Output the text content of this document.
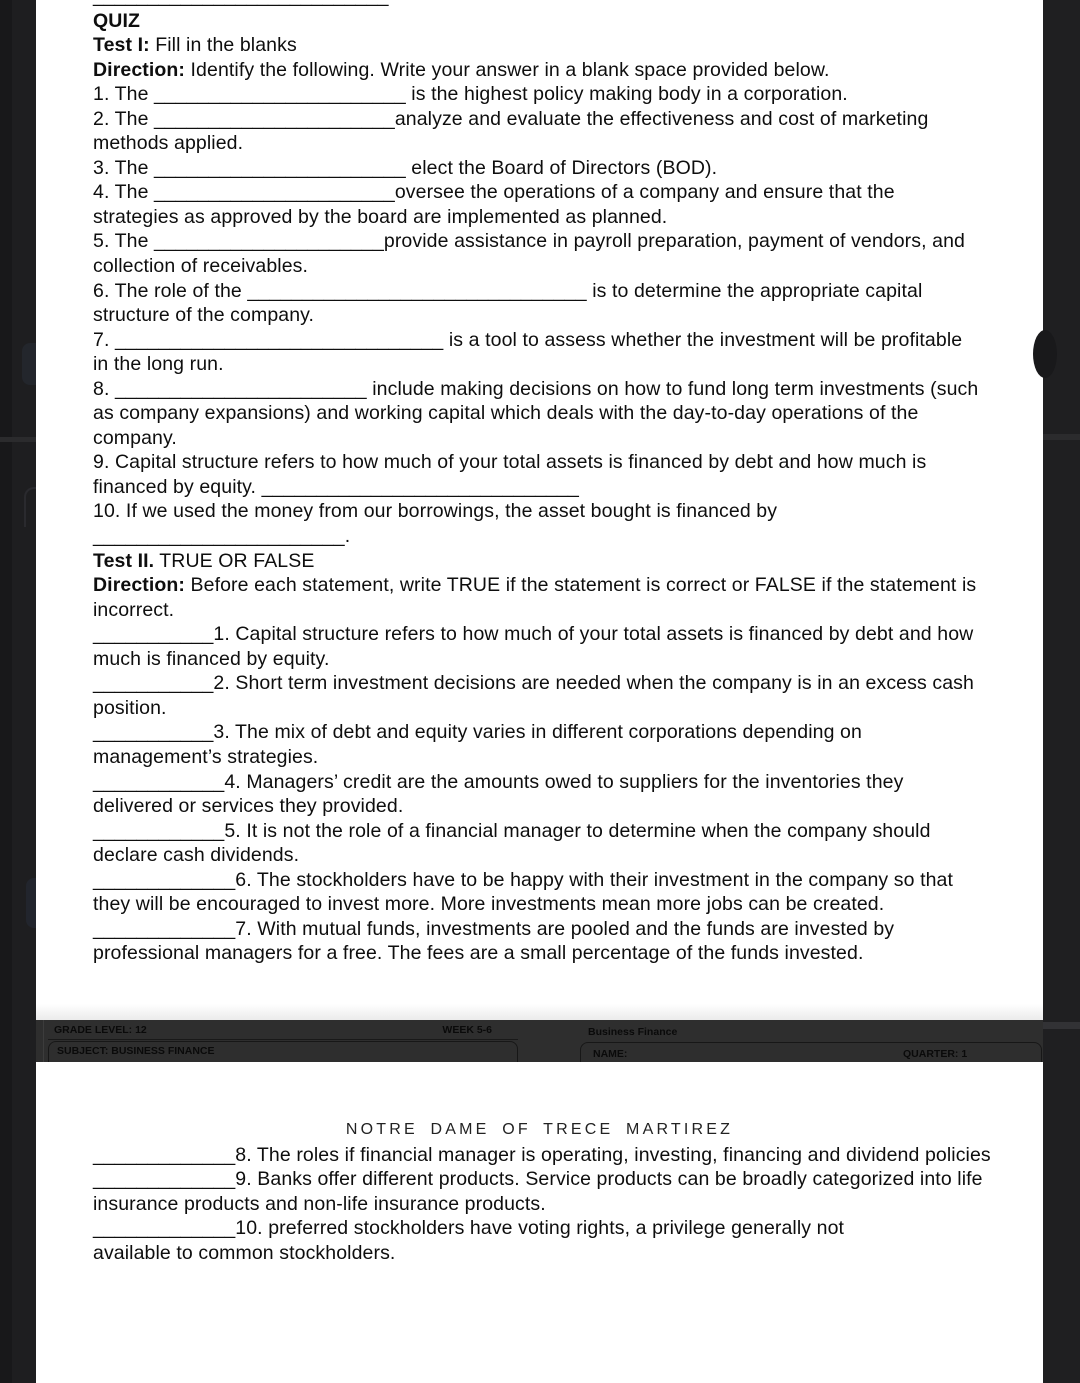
QUIZ
Test I: Fill in the blanks
Direction: Identify the following. Write your answer in a blank space provided below.
1. The _______________________ is the highest policy making body in a corporation.
2. The ______________________analyze and evaluate the effectiveness and cost of marketing
methods applied.
3. The _______________________ elect the Board of Directors (BOD).
4. The ______________________oversee the operations of a company and ensure that the
strategies as approved by the board are implemented as planned.
5. The _____________________provide assistance in payroll preparation, payment of vendors, and
collection of receivables.
6. The role of the _______________________________ is to determine the appropriate capital
structure of the company.
7. ______________________________ is a tool to assess whether the investment will be profitable
in the long run.
8. _______________________ include making decisions on how to fund long term investments (such
as company expansions) and working capital which deals with the day-to-day operations of the
company.
9. Capital structure refers to how much of your total assets is financed by debt and how much is
financed by equity. _____________________________
10. If we used the money from our borrowings, the asset bought is financed by
_______________________.
Test II. TRUE OR FALSE
Direction: Before each statement, write TRUE if the statement is correct or FALSE if the statement is
incorrect.
___________1. Capital structure refers to how much of your total assets is financed by debt and how
much is financed by equity.
___________2. Short term investment decisions are needed when the company is in an excess cash
position.
___________3. The mix of debt and equity varies in different corporations depending on
management’s strategies.
____________4. Managers’ credit are the amounts owed to suppliers for the inventories they
delivered or services they provided.
____________5. It is not the role of a financial manager to determine when the company should
declare cash dividends.
_____________6. The stockholders have to be happy with their investment in the company so that
they will be encouraged to invest more. More investments mean more jobs can be created.
_____________7. With mutual funds, investments are pooled and the funds are invested by
professional managers for a free. The fees are a small percentage of the funds invested.
GRADE LEVEL: 12	WEEK 5-6
SUBJECT: BUSINESS FINANCE
Business Finance
NAME:	QUARTER: 1
NOTRE DAME OF TRECE MARTIREZ
_____________8. The roles if financial manager is operating, investing, financing and dividend policies
_____________9. Banks offer different products. Service products can be broadly categorized into life
insurance products and non-life insurance products.
_____________10. preferred stockholders have voting rights, a privilege generally not
available to common stockholders.
